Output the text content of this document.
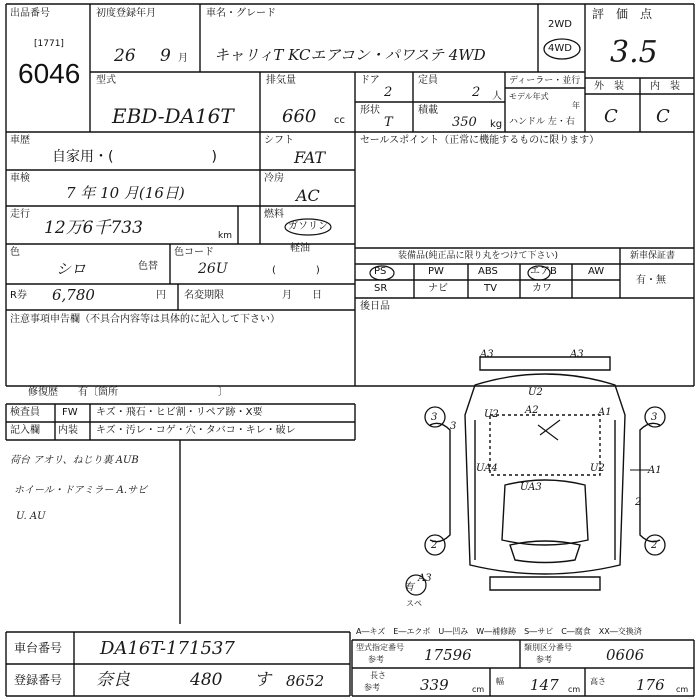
出品番号
[1771]
6046
初度登録年月
26 9 月
車名・グレード
キャリィT KCエアコン・パワステ 4WD
2WD
4WD
評　価　点
3.5
型式
EBD-DA16T
排気量
660 cc
ドア
2
定員
2 人
形状
T
積載
350 kg
ディーラー・並行
モデル年式
年
ハンドル 左・右
外　装	内　装
C C
車歴
自家用・(　　　　　　　)
シフト
FAT
セールスポイント（正常に機能するものに限ります）
車検
7 年 10 月(16日)
冷房
AC
走行
12万6千733	km
燃料
ガソリン
軽油
(　　　　)
色
シロ	色替
色コード
26U
R券 6,780	円 名変期限	月　　日
装備品(純正品に限り丸をつけて下さい)	新車保証書
有・無
PS	PW	ABS	エアB	AW
SR	ナビ	TV	カワ
後日品
注意事項申告欄（不具合内容等は具体的に記入して下さい）
修復歴　　有〔箇所　　　　　　　　　　〕
検査員
記入欄
FW キズ・飛石・ヒビ割・リペア跡・X要
内装 キズ・汚レ・コゲ・穴・タバコ・キレ・破レ
荷台 アオリ、ねじり裏 AUB
ホイール・ドアミラー A.サビ
U. AU
A3	A3
U2
A2	A1
U2
UA4	U2	A1
UA3
A3
3	3
2	2
3
2
有
スペ
車台番号 DA16T-171537
登録番号 奈良	480 す 8652
A―キズ　E―エクボ　U―凹み　W―補修跡　S―サビ　C―腐食　XX―交換済
型式指定番号
参考	17596	類別区分番号
参考	0606
長さ
参考	339	cm
幅 147 cm
高さ 176 cm
